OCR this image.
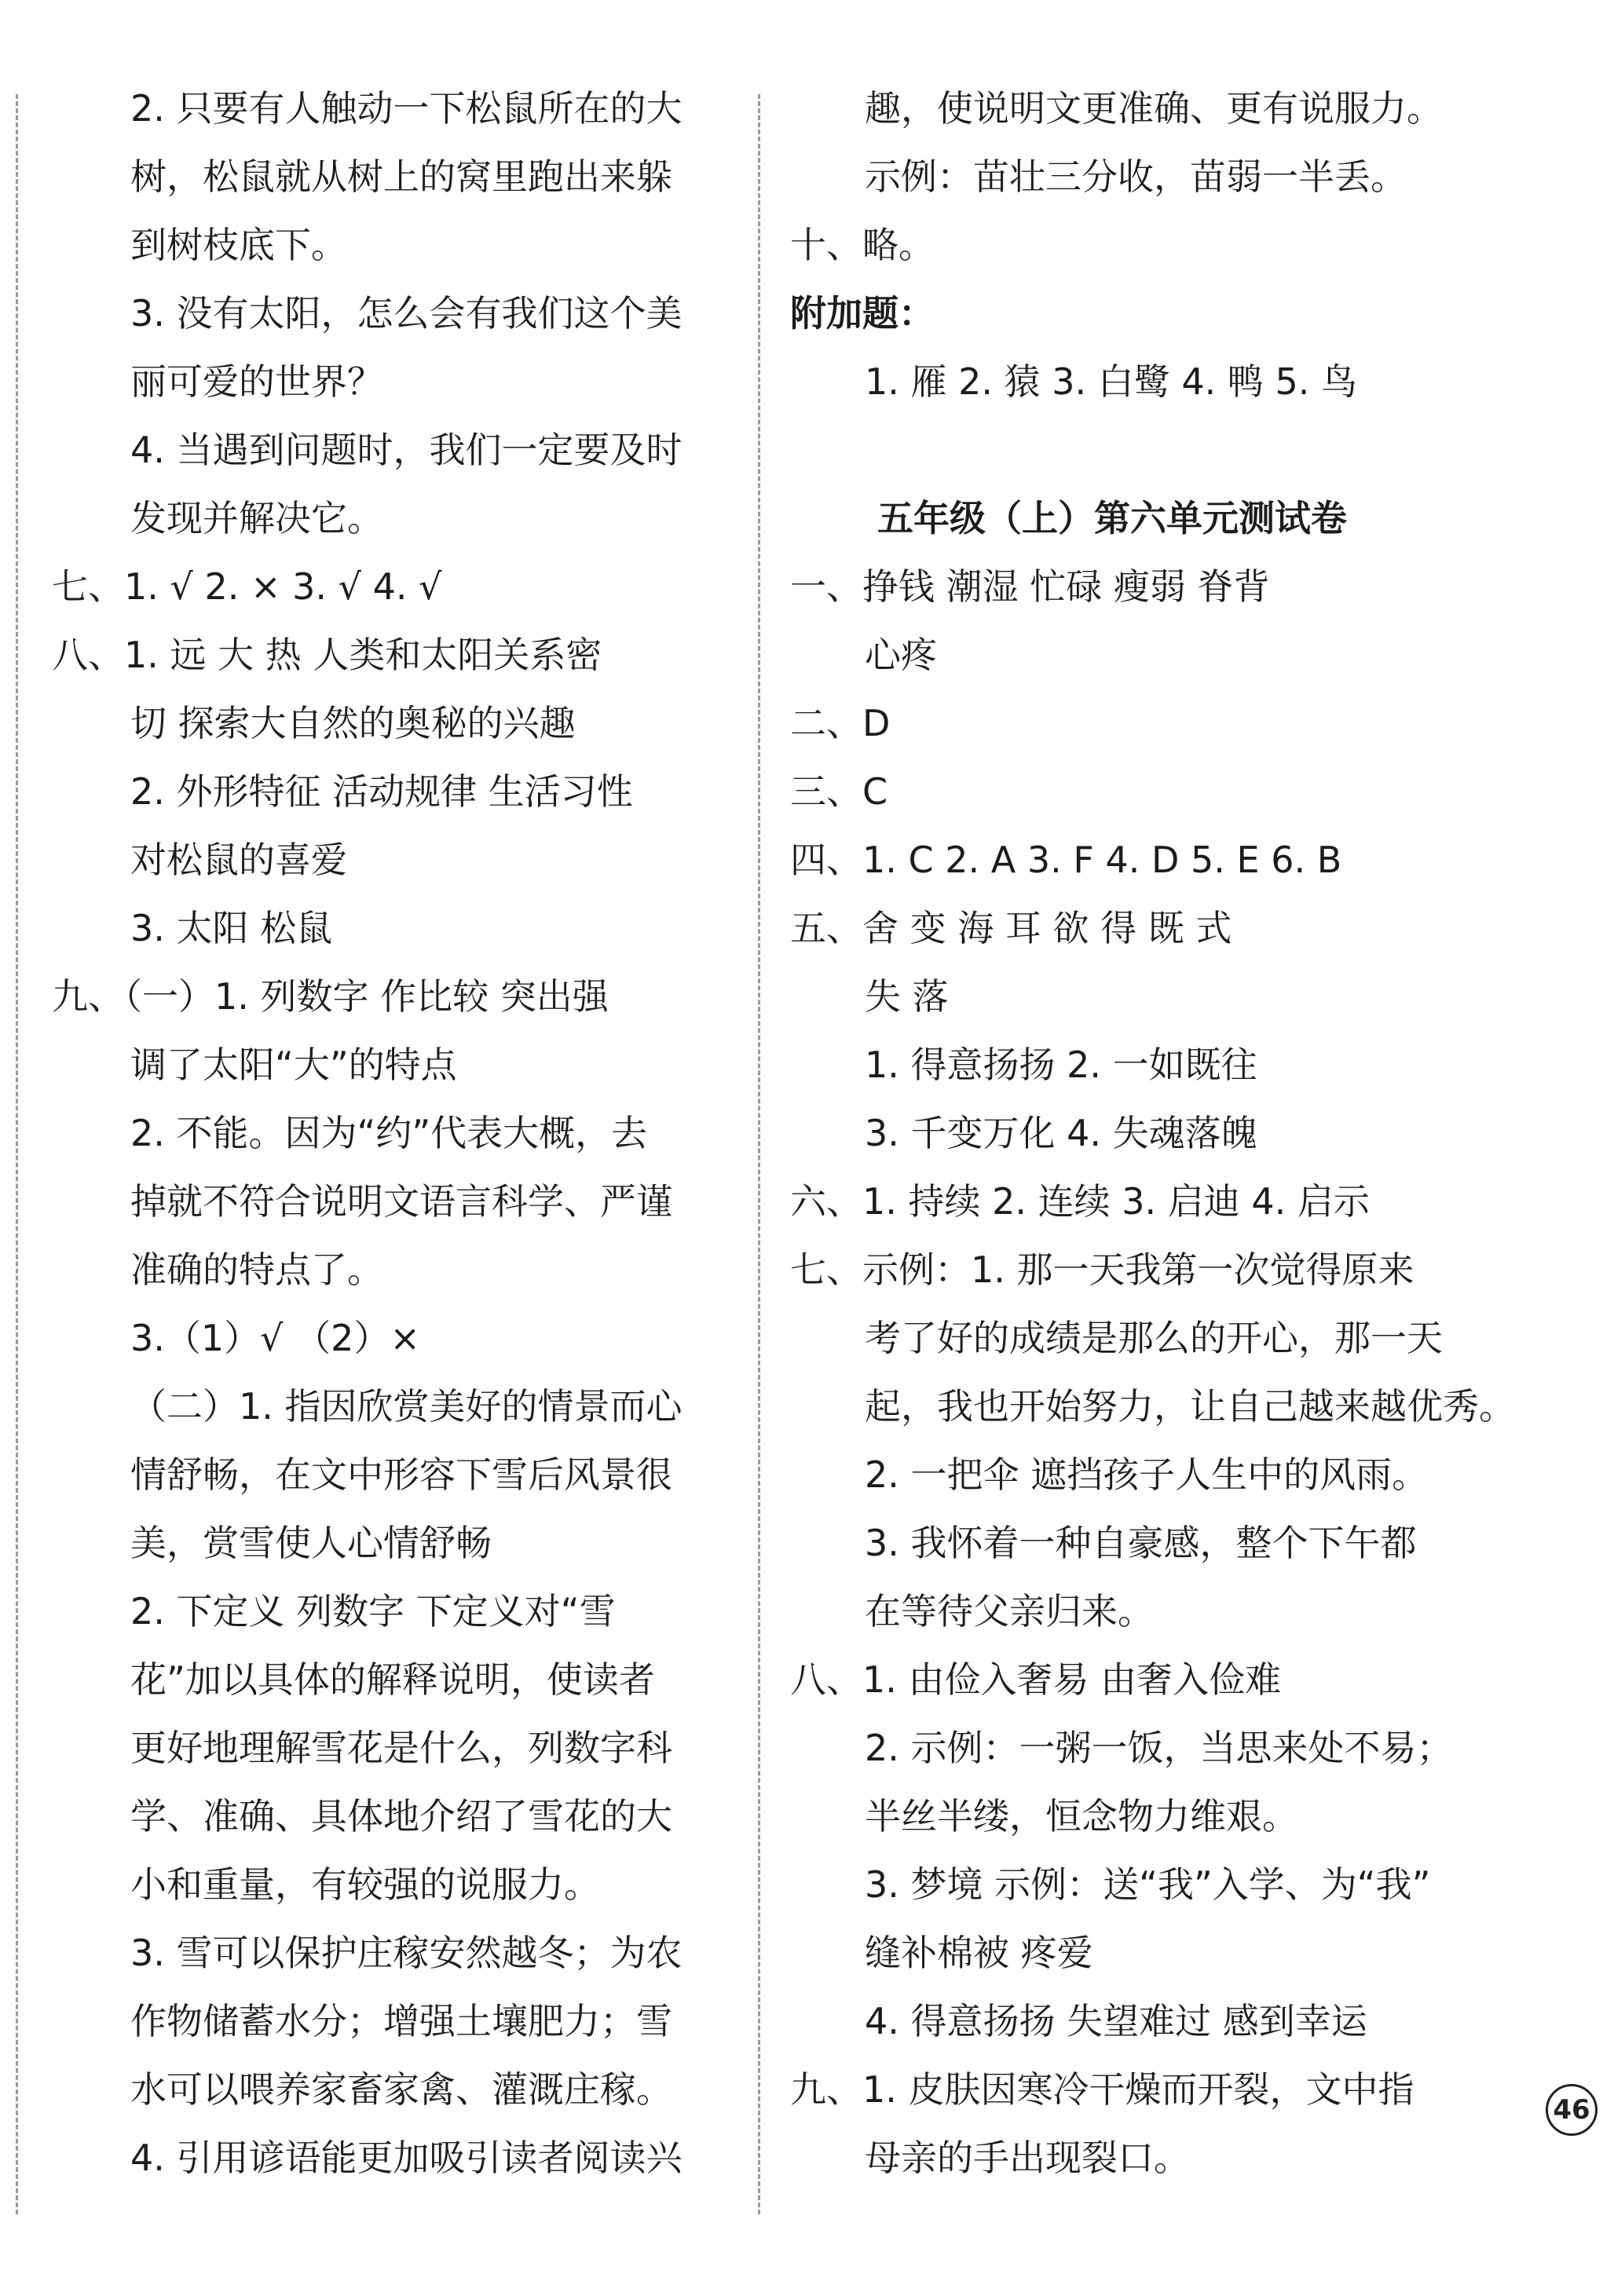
2. 只要有人触动一下松鼠所在的大
树，松鼠就从树上的窝里跑出来躲
到树枝底下。
3. 没有太阳，怎么会有我们这个美
丽可爱的世界？
4. 当遇到问题时，我们一定要及时
发现并解决它。
七、1. √ 2. × 3. √ 4. √
八、1. 远 大 热 人类和太阳关系密
切 探索大自然的奥秘的兴趣
2. 外形特征 活动规律 生活习性
对松鼠的喜爱
3. 太阳 松鼠
九、（一）1. 列数字 作比较 突出强
调了太阳“大”的特点
2. 不能。因为“约”代表大概，去
掉就不符合说明文语言科学、严谨
准确的特点了。
3.（1）√ （2）×
（二）1. 指因欣赏美好的情景而心
情舒畅，在文中形容下雪后风景很
美，赏雪使人心情舒畅
2. 下定义 列数字 下定义对“雪
花”加以具体的解释说明，使读者
更好地理解雪花是什么，列数字科
学、准确、具体地介绍了雪花的大
小和重量，有较强的说服力。
3. 雪可以保护庄稼安然越冬；为农
作物储蓄水分；增强土壤肥力；雪
水可以喂养家畜家禽、灌溉庄稼。
4. 引用谚语能更加吸引读者阅读兴
趣，使说明文更准确、更有说服力。
示例：苗壮三分收，苗弱一半丢。
十、略。
附加题：
1. 雁 2. 猿 3. 白鹭 4. 鸭 5. 鸟
五年级（上）第六单元测试卷
一、挣钱 潮湿 忙碌 瘦弱 脊背
心疼
二、D
三、C
四、1. C 2. A 3. F 4. D 5. E 6. B
五、舍 变 海 耳 欲 得 既 式
失 落
1. 得意扬扬 2. 一如既往
3. 千变万化 4. 失魂落魄
六、1. 持续 2. 连续 3. 启迪 4. 启示
七、示例：1. 那一天我第一次觉得原来
考了好的成绩是那么的开心，那一天
起，我也开始努力，让自己越来越优秀。
2. 一把伞 遮挡孩子人生中的风雨。
3. 我怀着一种自豪感，整个下午都
在等待父亲归来。
八、1. 由俭入奢易 由奢入俭难
2. 示例：一粥一饭，当思来处不易；
半丝半缕，恒念物力维艰。
3. 梦境 示例：送“我”入学、为“我”
缝补棉被 疼爱
4. 得意扬扬 失望难过 感到幸运
九、1. 皮肤因寒冷干燥而开裂，文中指
母亲的手出现裂口。
46
